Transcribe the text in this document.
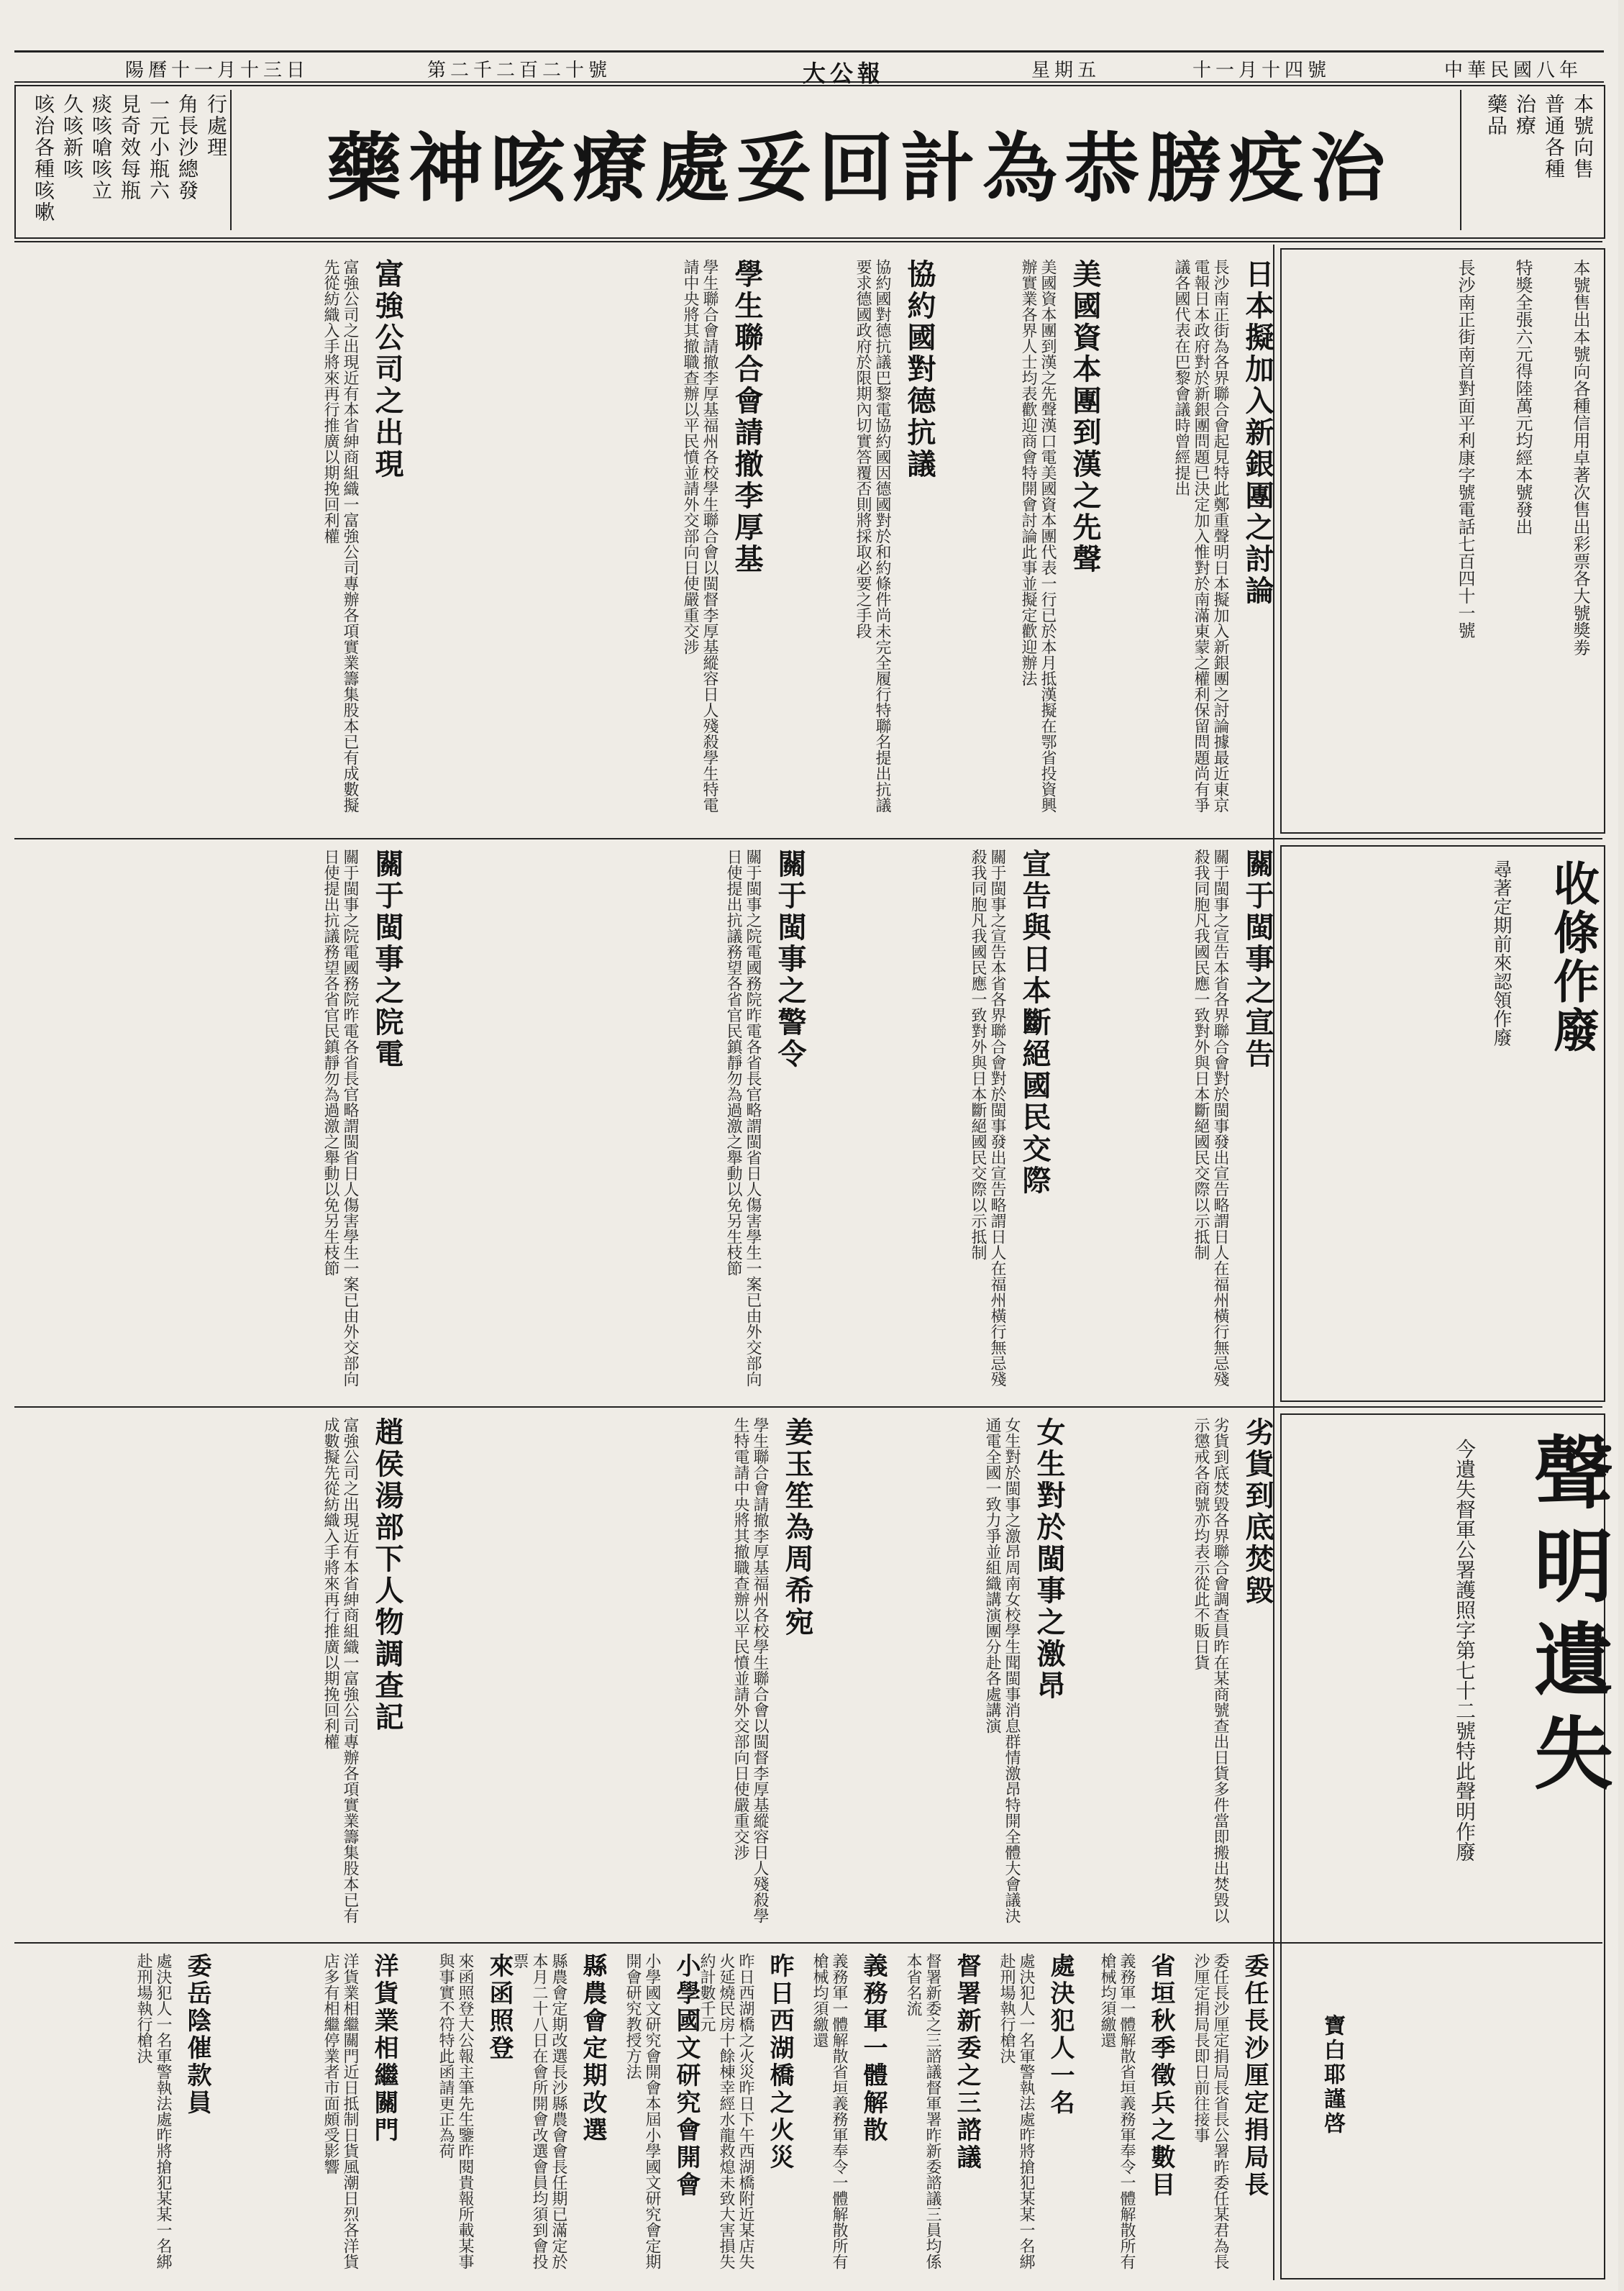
中華民國八年
十一月十四號
星期五
大公報
第二千二百二十號
陽曆十一月十三日
治疫膀恭為計回妥處療咳神藥
咳治各種咳嗽 久咳新咳 痰咳嗆咳立 見奇效每瓶 一元小瓶六 角長沙總發 行處理	本號向售
普通各種
治療
藥品
本號售出本號向各種信用卓著次售出彩票各大號獎劵
特獎全張六元得陸萬元均經本號發出
長沙南正街南首對面平利康字號電話七百四十一號
收條作廢
尋著定期前來認領作廢
聲明遺失
今遺失督軍公署護照字第七十二號特此聲明作廢
寶白耶謹啓
日本擬加入新銀團之討論
長沙南正街為各界聯合會起見特此鄭重聲明日本擬加入新銀團之討論據最近東京電報日本政府對於新銀團問題已決定加入惟對於南滿東蒙之權利保留問題尚有爭議各國代表在巴黎會議時曾經提出
美國資本團到漢之先聲
美國資本團到漢之先聲漢口電美國資本團代表一行已於本月抵漢擬在鄂省投資興辦實業各界人士均表歡迎商會特開會討論此事並擬定歡迎辦法
協約國對德抗議
協約國對德抗議巴黎電協約國因德國對於和約條件尚未完全履行特聯名提出抗議要求德國政府於限期內切實答覆否則將採取必要之手段
學生聯合會請撤李厚基
學生聯合會請撤李厚基福州各校學生聯合會以閩督李厚基縱容日人殘殺學生特電請中央將其撤職查辦以平民憤並請外交部向日使嚴重交涉
富強公司之出現
富強公司之出現近有本省紳商組織一富強公司專辦各項實業籌集股本已有成數擬先從紡織入手將來再行推廣以期挽回利權
關于閩事之宣告
關于閩事之宣告本省各界聯合會對於閩事發出宣告略謂日人在福州橫行無忌殘殺我同胞凡我國民應一致對外與日本斷絕國民交際以示抵制
宣告與日本斷絕國民交際
關于閩事之宣告本省各界聯合會對於閩事發出宣告略謂日人在福州橫行無忌殘殺我同胞凡我國民應一致對外與日本斷絕國民交際以示抵制
關于閩事之警令
關于閩事之院電國務院昨電各省長官略謂閩省日人傷害學生一案已由外交部向日使提出抗議務望各省官民鎮靜勿為過激之舉動以免另生枝節
關于閩事之院電
關于閩事之院電國務院昨電各省長官略謂閩省日人傷害學生一案已由外交部向日使提出抗議務望各省官民鎮靜勿為過激之舉動以免另生枝節
劣貨到底焚毀
劣貨到底焚毀各界聯合會調查員昨在某商號查出日貨多件當即搬出焚毀以示懲戒各商號亦均表示從此不販日貨
女生對於閩事之激昂
女生對於閩事之激昂周南女校學生聞閩事消息群情激昂特開全體大會議決通電全國一致力爭並組織講演團分赴各處講演
姜玉笙為周希宛
學生聯合會請撤李厚基福州各校學生聯合會以閩督李厚基縱容日人殘殺學生特電請中央將其撤職查辦以平民憤並請外交部向日使嚴重交涉
趙侯湯部下人物調查記
富強公司之出現近有本省紳商組織一富強公司專辦各項實業籌集股本已有成數擬先從紡織入手將來再行推廣以期挽回利權
委任長沙厘定捐局長
委任長沙厘定捐局長省長公署昨委任某君為長沙厘定捐局長即日前往接事
省垣秋季徵兵之數目
義務軍一體解散省垣義務軍奉令一體解散所有槍械均須繳還
處決犯人一名
處決犯人一名軍警執法處昨將搶犯某某一名綁赴刑場執行槍決
督署新委之三諮議
督署新委之三諮議督軍署昨新委諮議三員均係本省名流
義務軍一體解散
義務軍一體解散省垣義務軍奉令一體解散所有槍械均須繳還
昨日西湖橋之火災
昨日西湖橋之火災昨日下午西湖橋附近某店失火延燒民房十餘棟幸經水龍救熄未致大害損失約計數千元
小學國文研究會開會
小學國文研究會開會本屆小學國文研究會定期開會研究教授方法
縣農會定期改選
縣農會定期改選長沙縣農會會長任期已滿定於本月二十八日在會所開會改選會員均須到會投票
來函照登
來函照登大公報主筆先生鑒昨閱貴報所載某事與事實不符特此函請更正為荷
洋貨業相繼關門
洋貨業相繼關門近日抵制日貨風潮日烈各洋貨店多有相繼停業者市面頗受影響
委岳陰催款員
處決犯人一名軍警執法處昨將搶犯某某一名綁赴刑場執行槍決
